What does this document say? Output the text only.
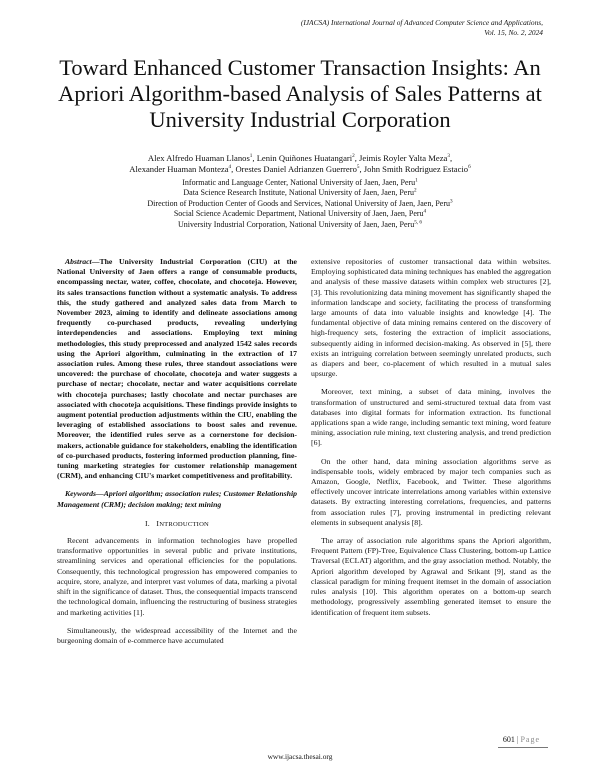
(IJACSA) International Journal of Advanced Computer Science and Applications,
Vol. 15, No. 2, 2024
Toward Enhanced Customer Transaction Insights: An Apriori Algorithm-based Analysis of Sales Patterns at University Industrial Corporation
Alex Alfredo Huaman Llanos$^1$, Lenin Quiñones Huatangari$^2$, Jeimis Royler Yalta Meza$^3$,
Alexander Huaman Monteza$^4$, Orestes Daniel Adrianzen Guerrero$^5$, John Smith Rodriguez Estacio$^6$
Informatic and Language Center, National University of Jaen, Jaen, Peru$^1$
Data Science Research Institute, National University of Jaen, Jaen, Peru$^2$
Direction of Production Center of Goods and Services, National University of Jaen, Jaen, Peru$^3$
Social Science Academic Department, National University of Jaen, Jaen, Peru$^4$
University Industrial Corporation, National University of Jaen, Jaen, Peru$^{5, 6}$

Abstract—The University Industrial Corporation (CIU) at the National University of Jaen offers a range of consumable products, encompassing nectar, water, coffee, chocolate, and chocoteja. However, its sales transactions function without a systematic analysis. To address this, the study gathered and analyzed sales data from March to November 2023, aiming to identify and delineate associations among frequently co-purchased products, revealing underlying interdependencies and associations. Employing text mining methodologies, this study preprocessed and analyzed 1542 sales records using the Apriori algorithm, culminating in the extraction of 17 association rules. Among these rules, three standout associations were uncovered: the purchase of chocolate, chocoteja and water suggests a purchase of nectar; chocolate, nectar and water acquisitions correlate with chocoteja purchases; lastly chocolate and nectar purchases are associated with chocoteja acquisitions. These findings provide insights to augment potential production adjustments within the CIU, enabling the leveraging of established associations to boost sales and revenue. Moreover, the identified rules serve as a cornerstone for decision-makers, actionable guidance for stakeholders, enabling the identification of co-purchased products, fostering informed production planning, fine-tuning marketing strategies for customer relationship management (CRM), and enhancing CIU's market competitiveness and profitability.

Keywords—Apriori algorithm; association rules; Customer Relationship Management (CRM); decision making; text mining

I. INTRODUCTION

Recent advancements in information technologies have propelled transformative opportunities in several public and private institutions, streamlining services and operational efficiencies for the populations. Consequently, this technological progression has empowered companies to acquire, store, analyze, and interpret vast volumes of data, marking a pivotal shift in the significance of dataset. Thus, the consequential impacts transcend the technological domain, influencing the restructuring of business strategies and marketing activities [1].

Simultaneously, the widespread accessibility of the Internet and the burgeoning domain of e-commerce have accumulated

extensive repositories of customer transactional data within websites. Employing sophisticated data mining techniques has enabled the aggregation and analysis of these massive datasets within complex web structures [2], [3]. This revolutionizing data mining movement has significantly shaped the information landscape and society, facilitating the process of transforming large amounts of data into valuable insights and knowledge [4]. The fundamental objective of data mining remains centered on the discovery of high-frequency sets, fostering the extraction of implicit associations, subsequently aiding in informed decision-making. As observed in [5], there exists an intriguing correlation between seemingly unrelated products, such as diapers and beer, co-placement of which resulted in a mutual sales upsurge.

Moreover, text mining, a subset of data mining, involves the transformation of unstructured and semi-structured textual data from vast databases into digital formats for information extraction. Its functional applications span a wide range, including semantic text mining, word feature mining, association rule mining, text clustering analysis, and trend prediction [6].

On the other hand, data mining association algorithms serve as indispensable tools, widely embraced by major tech companies such as Amazon, Google, Netflix, Facebook, and Twitter. These algorithms effectively uncover intricate interrelations among variables within extensive datasets. By extracting interesting correlations, frequencies, and patterns from association rules [7], proving instrumental in predicting relevant elements in subsequent analysis [8].

The array of association rule algorithms spans the Apriori algorithm, Frequent Pattern (FP)-Tree, Equivalence Class Clustering, bottom-up Lattice Traversal (ECLAT) algorithm, and the gray association method. Notably, the Apriori algorithm developed by Agrawal and Srikant [9], stand as the classical paradigm for mining frequent itemset in the domain of association rules analysis [10]. This algorithm operates on a bottom-up search methodology, progressively assembling generated itemset to ensure the identification of frequent item subsets.

601 | Page
www.ijacsa.thesai.org
